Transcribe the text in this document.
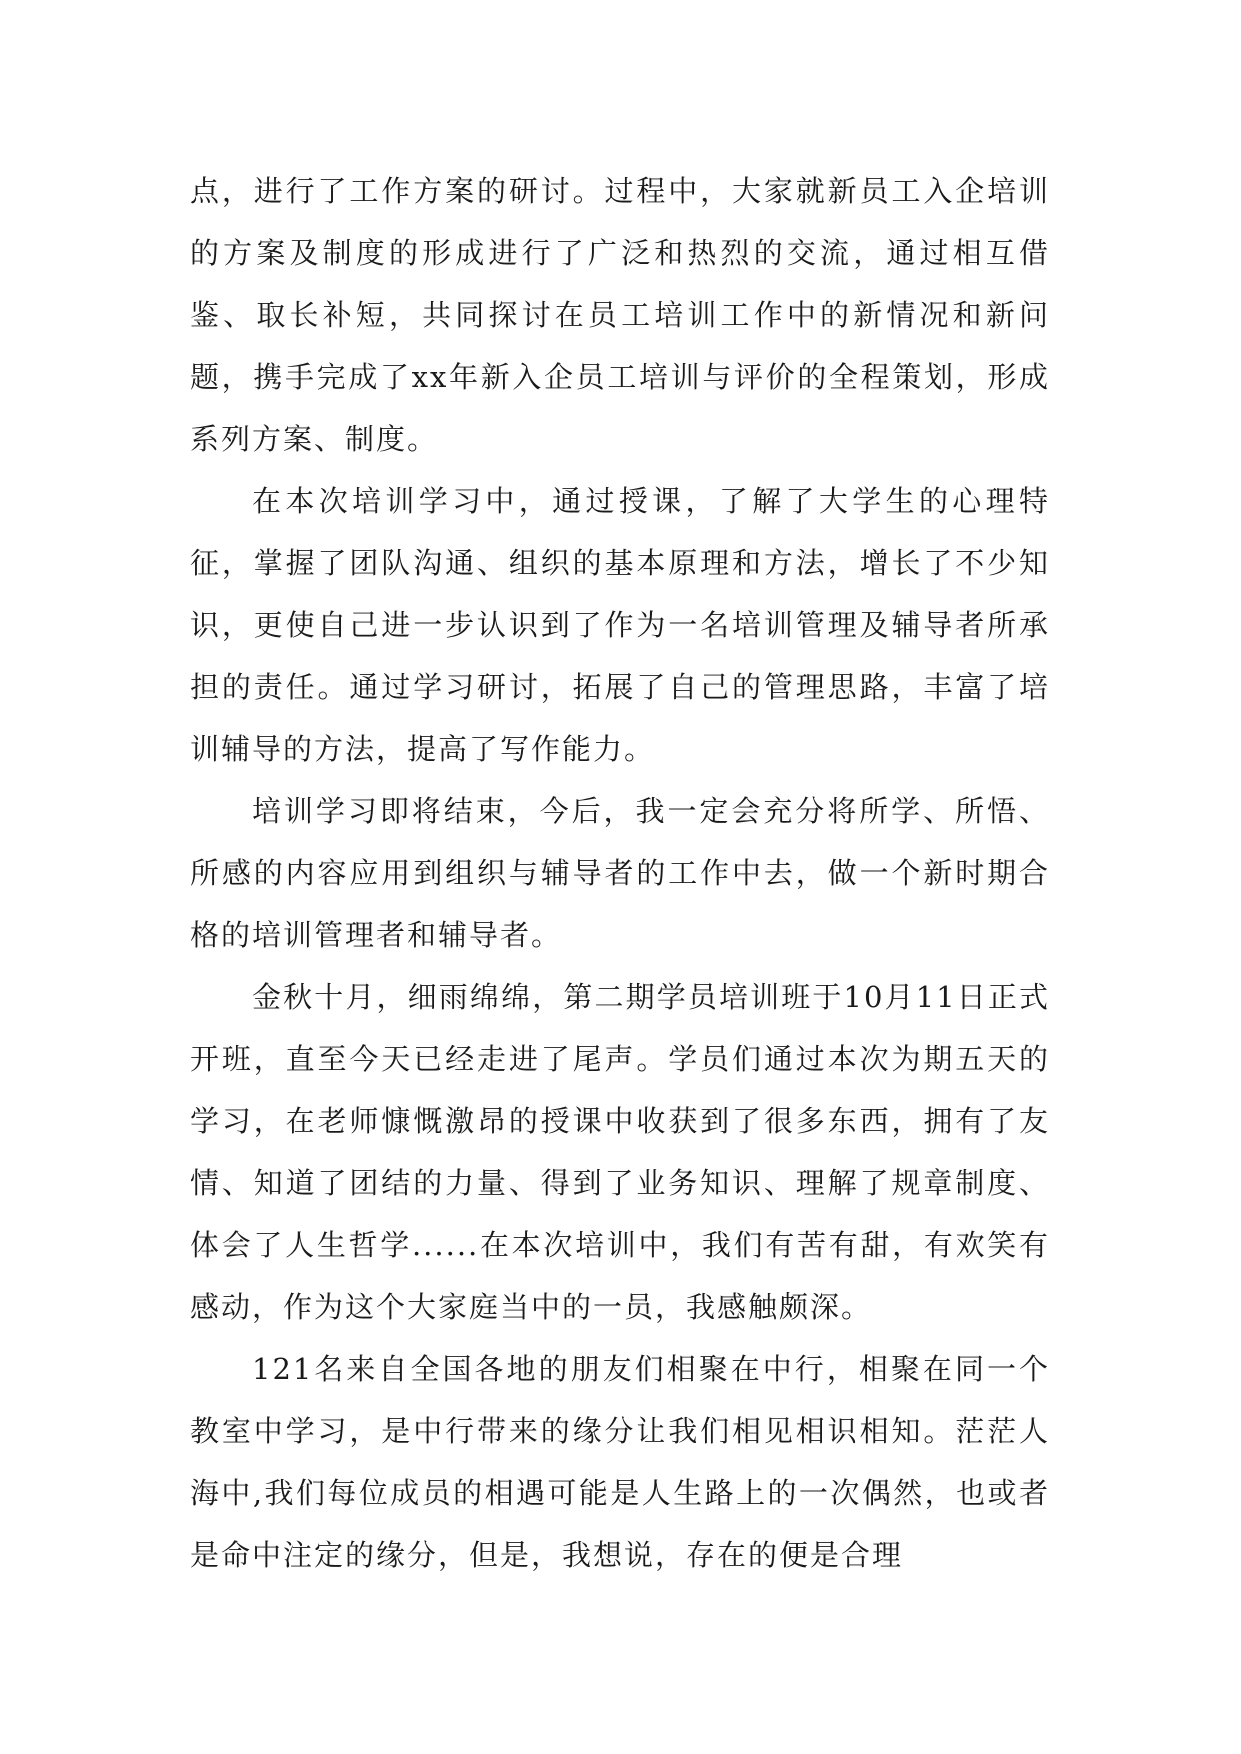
点，进行了工作方案的研讨。过程中，大家就新员工入企培训的方案及制度的形成进行了广泛和热烈的交流，通过相互借鉴、取长补短，共同探讨在员工培训工作中的新情况和新问题，携手完成了xx年新入企员工培训与评价的全程策划，形成系列方案、制度。

在本次培训学习中，通过授课，了解了大学生的心理特征，掌握了团队沟通、组织的基本原理和方法，增长了不少知识，更使自己进一步认识到了作为一名培训管理及辅导者所承担的责任。通过学习研讨，拓展了自己的管理思路，丰富了培训辅导的方法，提高了写作能力。

培训学习即将结束，今后，我一定会充分将所学、所悟、所感的内容应用到组织与辅导者的工作中去，做一个新时期合格的培训管理者和辅导者。

金秋十月，细雨绵绵，第二期学员培训班于10月11日正式开班，直至今天已经走进了尾声。学员们通过本次为期五天的学习，在老师慷慨激昂的授课中收获到了很多东西，拥有了友情、知道了团结的力量、得到了业务知识、理解了规章制度、体会了人生哲学......在本次培训中，我们有苦有甜，有欢笑有感动，作为这个大家庭当中的一员，我感触颇深。

121名来自全国各地的朋友们相聚在中行，相聚在同一个教室中学习，是中行带来的缘分让我们相见相识相知。茫茫人海中,我们每位成员的相遇可能是人生路上的一次偶然，也或者是命中注定的缘分，但是，我想说，存在的便是合理
